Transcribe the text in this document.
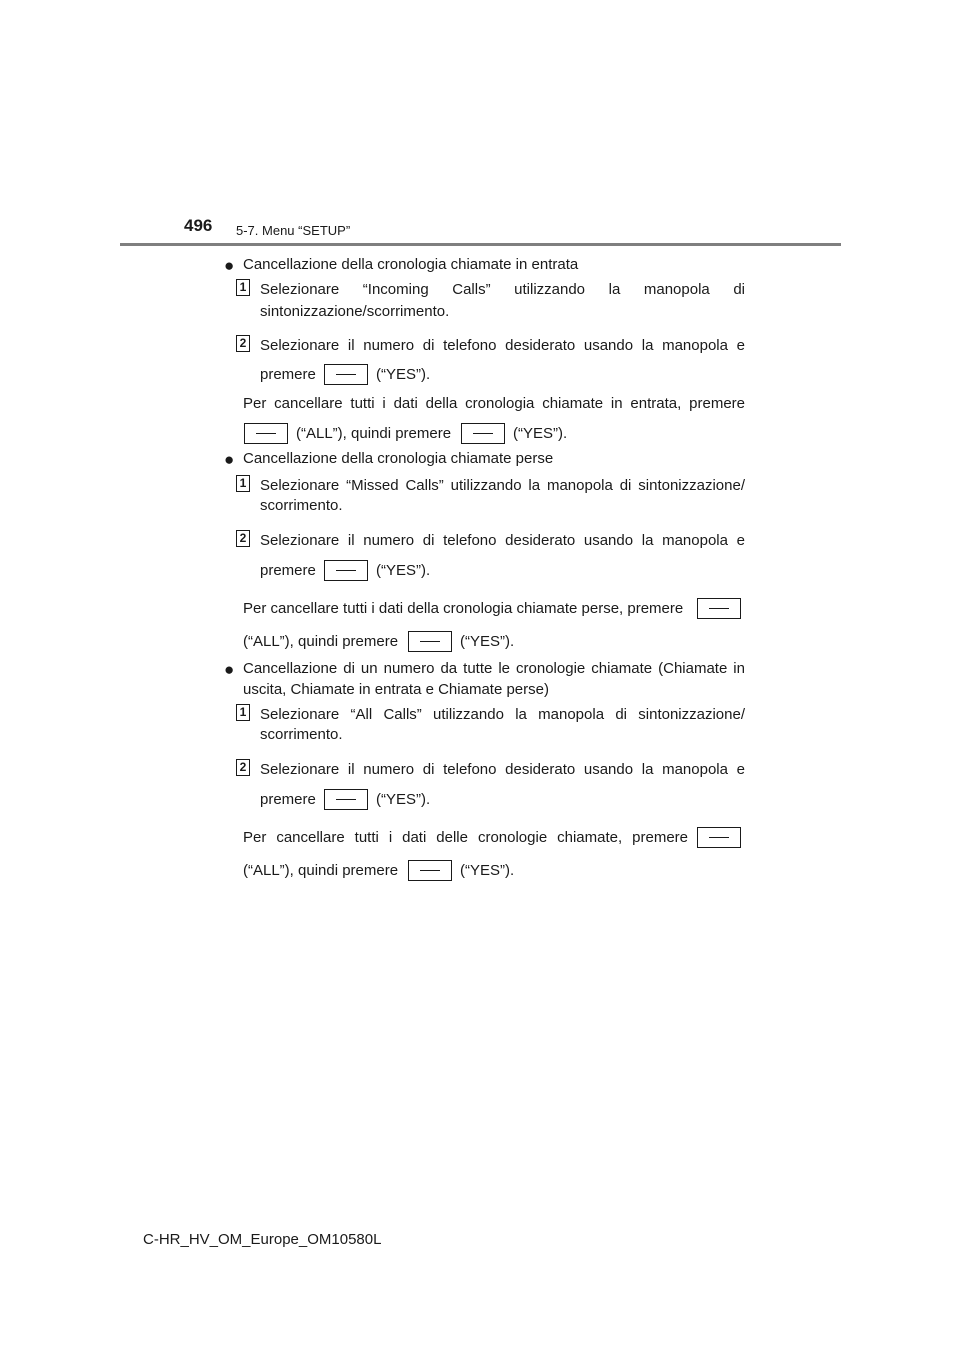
496 5-7. Menu “SETUP”
● Cancellazione della cronologia chiamate in entrata
1 Selezionare “Incoming Calls” utilizzando la manopola di
sintonizzazione/scorrimento.
2 Selezionare il numero di telefono desiderato usando la manopola e
premere	(“YES”).
Per cancellare tutti i dati della cronologia chiamate in entrata, premere
(“ALL”), quindi premere	(“YES”).
● Cancellazione della cronologia chiamate perse
1 Selezionare “Missed Calls” utilizzando la manopola di sintonizzazione/
scorrimento.
2 Selezionare il numero di telefono desiderato usando la manopola e
premere	(“YES”).
Per cancellare tutti i dati della cronologia chiamate perse, premere
(“ALL”), quindi premere	(“YES”).
● Cancellazione di un numero da tutte le cronologie chiamate (Chiamate in
uscita, Chiamate in entrata e Chiamate perse)
1 Selezionare “All Calls” utilizzando la manopola di sintonizzazione/
scorrimento.
2 Selezionare il numero di telefono desiderato usando la manopola e
premere	(“YES”).
Per cancellare tutti i dati delle cronologie chiamate, premere
(“ALL”), quindi premere	(“YES”).
C-HR_HV_OM_Europe_OM10580L
